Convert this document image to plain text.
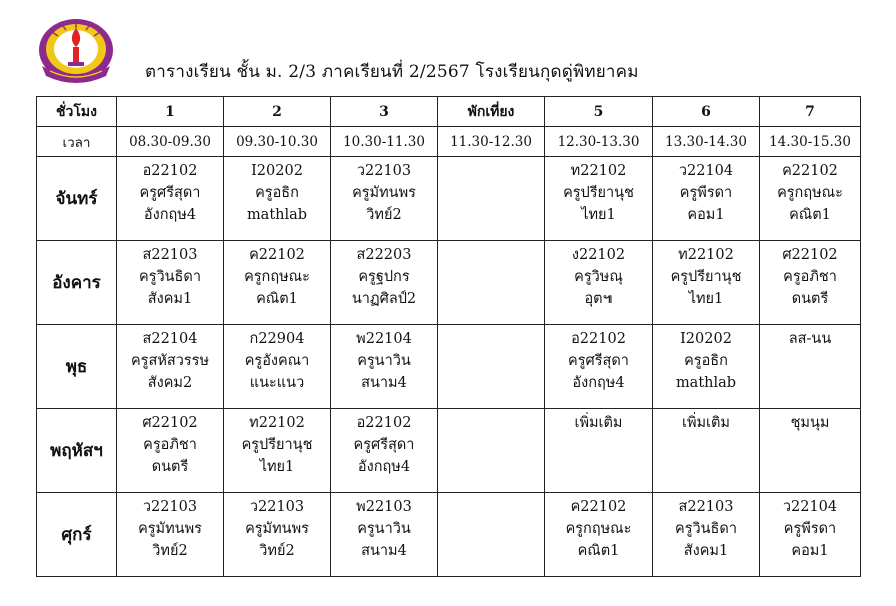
ตารางเรียน ชั้น ม. 2/3 ภาคเรียนที่ 2/2567 โรงเรียนกุดดู่พิทยาคม
ชั่วโมง	1	2	3	พักเที่ยง	5	6	7
เวลา	08.30-09.30	09.30-10.30	10.30-11.30	11.30-12.30	12.30-13.30	13.30-14.30	14.30-15.30
จันทร์	อ22102
ครูศรีสุดา
อังกฤษ4	I20202
ครูอธิก
mathlab	ว22103
ครูมัทนพร
วิทย์2		ท22102
ครูปรียานุช
ไทย1	ว22104
ครูพีรดา
คอม1	ค22102
ครูกฤษณะ
คณิต1

อังคาร	ส22103
ครูวินธิดา
สังคม1	ค22102
ครูกฤษณะ
คณิต1	ส22203
ครูฐปกร
นาฏศิลป์2		ง22102
ครูวิษณุ
อุต๚	ท22102
ครูปรียานุช
ไทย1	ศ22102
ครูอภิชา
ดนตรี

พุธ	ส22104
ครูสหัสวรรษ
สังคม2	ก22904
ครูอังคณา
แนะแนว	พ22104
ครูนาวิน
สนาม4		อ22102
ครูศรีสุดา
อังกฤษ4	I20202
ครูอธิก
mathlab	ลส-นน

พฤหัสฯ	ศ22102
ครูอภิชา
ดนตรี	ท22102
ครูปรียานุช
ไทย1	อ22102
ครูศรีสุดา
อังกฤษ4		เพิ่มเติม	เพิ่มเติม	ชุมนุม

ศุกร์	ว22103
ครูมัทนพร
วิทย์2	ว22103
ครูมัทนพร
วิทย์2	พ22103
ครูนาวิน
สนาม4		ค22102
ครูกฤษณะ
คณิต1	ส22103
ครูวินธิดา
สังคม1	ว22104
ครูพีรดา
คอม1
